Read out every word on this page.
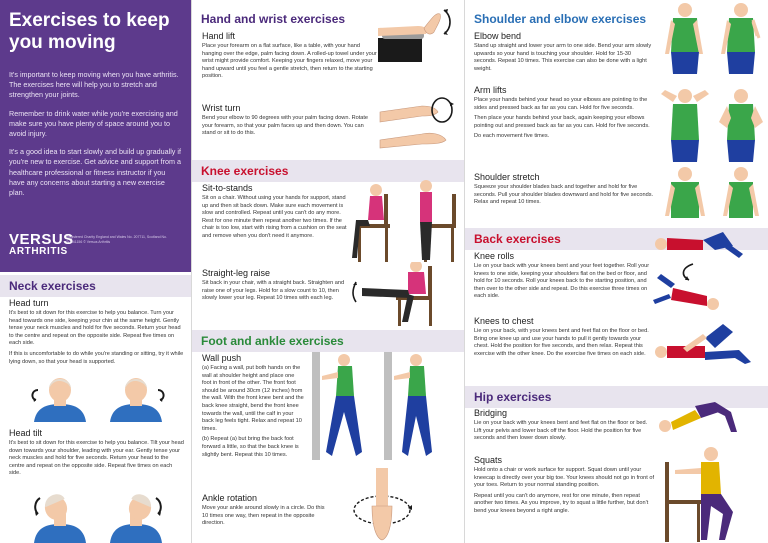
Exercises to keep you moving

It's important to keep moving when you have arthritis. The exercises here will help you to stretch and strengthen your joints.

Remember to drink water while you're exercising and make sure you have plenty of space around you to avoid injury.

It's a good idea to start slowly and build up gradually if you're new to exercise. Get advice and support from a healthcare professional or fitness instructor if you have any concerns about starting a new exercise plan.

VERSUS
ARTHRITIS
Registered Charity England and Wales No. 207711, Scotland No. SC041156 © Versus Arthritis
Neck exercises
Head turn

It's best to sit down for this exercise to help you balance. Turn your head towards one side, keeping your chin at the same height. Gently tense your neck muscles and hold for five seconds. Return your head to the centre and repeat on the opposite side. Repeat five times on each side.

If this is uncomfortable to do while you're standing or sitting, try it while lying down, so that your head is supported.

Head tilt

It's best to sit down for this exercise to help you balance. Tilt your head down towards your shoulder, leading with your ear. Gently tense your neck muscles and hold for five seconds. Return your head to the centre and repeat on the opposite side. Repeat five times on each side.

Hand and wrist exercises
Hand lift

Place your forearm on a flat surface, like a table, with your hand hanging over the edge, palm facing down. A rolled-up towel under your wrist might provide comfort. Keeping your fingers relaxed, move your hand upward until you feel a gentle stretch, then return to the starting position.

Wrist turn

Bend your elbow to 90 degrees with your palm facing down. Rotate your forearm, so that your palm faces up and then down. You can stand or sit to do this.

Knee exercises
Sit-to-stands

Sit on a chair. Without using your hands for support, stand up and then sit back down. Make sure each movement is slow and controlled. Repeat until you can't do any more. Rest for one minute then repeat another two times. If the chair is too low, start with rising from a cushion on the seat and remove when you don't need it anymore.

Straight-leg raise

Sit back in your chair, with a straight back. Straighten and raise one of your legs. Hold for a slow count to 10, then slowly lower your leg. Repeat 10 times with each leg.

Foot and ankle exercises
Wall push

(a) Facing a wall, put both hands on the wall at shoulder height and place one foot in front of the other. The front foot should be around 30cm (12 inches) from the wall. With the front knee bent and the back knee straight, bend the front knee towards the wall, until the calf in your back leg feels tight. Relax and repeat 10 times.

(b) Repeat (a) but bring the back foot forward a little, so that the back knee is slightly bent. Repeat this 10 times.

Ankle rotation

Move your ankle around slowly in a circle. Do this 10 times one way, then repeat in the opposite direction.

Shoulder and elbow exercises
Elbow bend

Stand up straight and lower your arm to one side. Bend your arm slowly upwards so your hand is touching your shoulder. Hold for 15-30 seconds. Repeat 10 times. This exercise can also be done with a light weight.

Arm lifts

Place your hands behind your head so your elbows are pointing to the sides and pressed back as far as you can. Hold for five seconds.

Then place your hands behind your back, again keeping your elbows pointing out and pressed back as far as you can. Hold for five seconds.

Do each movement five times.

Shoulder stretch

Squeeze your shoulder blades back and together and hold for five seconds. Pull your shoulder blades downward and hold for five seconds. Relax and repeat 10 times.

Back exercises
Knee rolls

Lie on your back with your knees bent and your feet together. Roll your knees to one side, keeping your shoulders flat on the bed or floor, and hold for 10 seconds. Roll your knees back to the starting position, and then over to the other side and repeat. Do this exercise three times on each side.

Knees to chest

Lie on your back, with your knees bent and feet flat on the floor or bed. Bring one knee up and use your hands to pull it gently towards your chest. Hold the position for five seconds, and then relax. Repeat this exercise with the other knee. Do the exercise five times on each side.

Hip exercises
Bridging

Lie on your back with your knees bent and feet flat on the floor or bed. Lift your pelvis and lower back off the floor. Hold the position for five seconds and then lower down slowly.

Squats

Hold onto a chair or work surface for support. Squat down until your kneecap is directly over your big toe. Your knees should not go in front of your toes. Return to your normal standing position.

Repeat until you can't do anymore, rest for one minute, then repeat another two times. As you improve, try to squat a little further, but don't bend your knees beyond a right angle.
